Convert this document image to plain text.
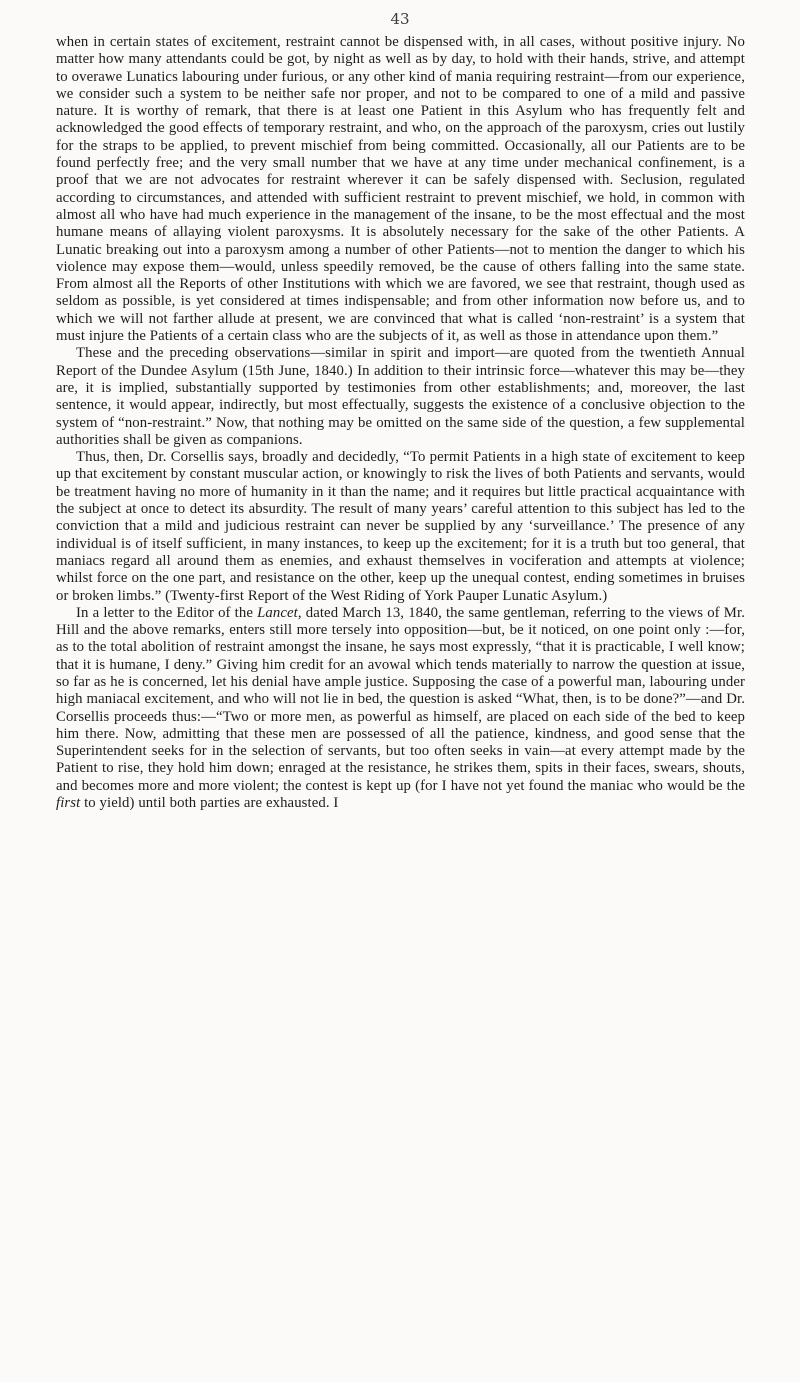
43

when in certain states of excitement, restraint cannot be dispensed with, in all cases, without positive injury. No matter how many attendants could be got, by night as well as by day, to hold with their hands, strive, and attempt to overawe Lunatics labouring under furious, or any other kind of mania requiring restraint—from our experience, we consider such a system to be neither safe nor proper, and not to be compared to one of a mild and passive nature. It is worthy of remark, that there is at least one Patient in this Asylum who has frequently felt and acknowledged the good effects of temporary restraint, and who, on the approach of the paroxysm, cries out lustily for the straps to be applied, to prevent mischief from being committed. Occasionally, all our Patients are to be found perfectly free; and the very small number that we have at any time under mechanical confinement, is a proof that we are not advocates for restraint wherever it can be safely dispensed with. Seclusion, regulated according to circumstances, and attended with sufficient restraint to prevent mischief, we hold, in common with almost all who have had much experience in the management of the insane, to be the most effectual and the most humane means of allaying violent paroxysms. It is absolutely necessary for the sake of the other Patients. A Lunatic breaking out into a paroxysm among a number of other Patients—not to mention the danger to which his violence may expose them—would, unless speedily removed, be the cause of others falling into the same state. From almost all the Reports of other Institutions with which we are favored, we see that restraint, though used as seldom as possible, is yet considered at times indispensable; and from other information now before us, and to which we will not farther allude at present, we are convinced that what is called ‘non-restraint’ is a system that must injure the Patients of a certain class who are the subjects of it, as well as those in attendance upon them.”

These and the preceding observations—similar in spirit and import—are quoted from the twentieth Annual Report of the Dundee Asylum (15th June, 1840.) In addition to their intrinsic force—whatever this may be—they are, it is implied, substantially supported by testimonies from other establishments; and, moreover, the last sentence, it would appear, indirectly, but most effectually, suggests the existence of a conclusive objection to the system of “non-restraint.” Now, that nothing may be omitted on the same side of the question, a few supplemental authorities shall be given as companions.

Thus, then, Dr. Corsellis says, broadly and decidedly, “To permit Patients in a high state of excitement to keep up that excitement by constant muscular action, or knowingly to risk the lives of both Patients and servants, would be treatment having no more of humanity in it than the name; and it requires but little practical acquaintance with the subject at once to detect its absurdity. The result of many years’ careful attention to this subject has led to the conviction that a mild and judicious restraint can never be supplied by any ‘surveillance.’ The presence of any individual is of itself sufficient, in many instances, to keep up the excitement; for it is a truth but too general, that maniacs regard all around them as enemies, and exhaust themselves in vociferation and attempts at violence; whilst force on the one part, and resistance on the other, keep up the unequal contest, ending sometimes in bruises or broken limbs.” (Twenty-first Report of the West Riding of York Pauper Lunatic Asylum.)

In a letter to the Editor of the Lancet, dated March 13, 1840, the same gentleman, referring to the views of Mr. Hill and the above remarks, enters still more tersely into opposition—but, be it noticed, on one point only :—for, as to the total abolition of restraint amongst the insane, he says most expressly, “that it is practicable, I well know; that it is humane, I deny.” Giving him credit for an avowal which tends materially to narrow the question at issue, so far as he is concerned, let his denial have ample justice. Supposing the case of a powerful man, labouring under high maniacal excitement, and who will not lie in bed, the question is asked “What, then, is to be done?”—and Dr. Corsellis proceeds thus:—“Two or more men, as powerful as himself, are placed on each side of the bed to keep him there. Now, admitting that these men are possessed of all the patience, kindness, and good sense that the Superintendent seeks for in the selection of servants, but too often seeks in vain—at every attempt made by the Patient to rise, they hold him down; enraged at the resistance, he strikes them, spits in their faces, swears, shouts, and becomes more and more violent; the contest is kept up (for I have not yet found the maniac who would be the first to yield) until both parties are exhausted. I
